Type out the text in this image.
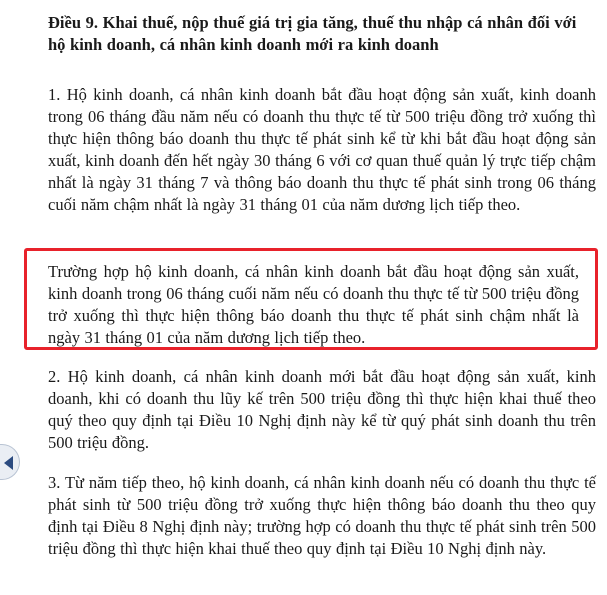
Điều 9. Khai thuế, nộp thuế giá trị gia tăng, thuế thu nhập cá nhân đối với hộ kinh doanh, cá nhân kinh doanh mới ra kinh doanh

1. Hộ kinh doanh, cá nhân kinh doanh bắt đầu hoạt động sản xuất, kinh doanh trong 06 tháng đầu năm nếu có doanh thu thực tế từ 500 triệu đồng trở xuống thì thực hiện thông báo doanh thu thực tế phát sinh kể từ khi bắt đầu hoạt động sản xuất, kinh doanh đến hết ngày 30 tháng 6 với cơ quan thuế quản lý trực tiếp chậm nhất là ngày 31 tháng 7 và thông báo doanh thu thực tế phát sinh trong 06 tháng cuối năm chậm nhất là ngày 31 tháng 01 của năm dương lịch tiếp theo.

2. Hộ kinh doanh, cá nhân kinh doanh mới bắt đầu hoạt động sản xuất, kinh doanh, khi có doanh thu lũy kế trên 500 triệu đồng thì thực hiện khai thuế theo quý theo quy định tại Điều 10 Nghị định này kể từ quý phát sinh doanh thu trên 500 triệu đồng.

3. Từ năm tiếp theo, hộ kinh doanh, cá nhân kinh doanh nếu có doanh thu thực tế phát sinh từ 500 triệu đồng trở xuống thực hiện thông báo doanh thu theo quy định tại Điều 8 Nghị định này; trường hợp có doanh thu thực tế phát sinh trên 500 triệu đồng thì thực hiện khai thuế theo quy định tại Điều 10 Nghị định này.

Trường hợp hộ kinh doanh, cá nhân kinh doanh bắt đầu hoạt động sản xuất, kinh doanh trong 06 tháng cuối năm nếu có doanh thu thực tế từ 500 triệu đồng trở xuống thì thực hiện thông báo doanh thu thực tế phát sinh chậm nhất là ngày 31 tháng 01 của năm dương lịch tiếp theo.
